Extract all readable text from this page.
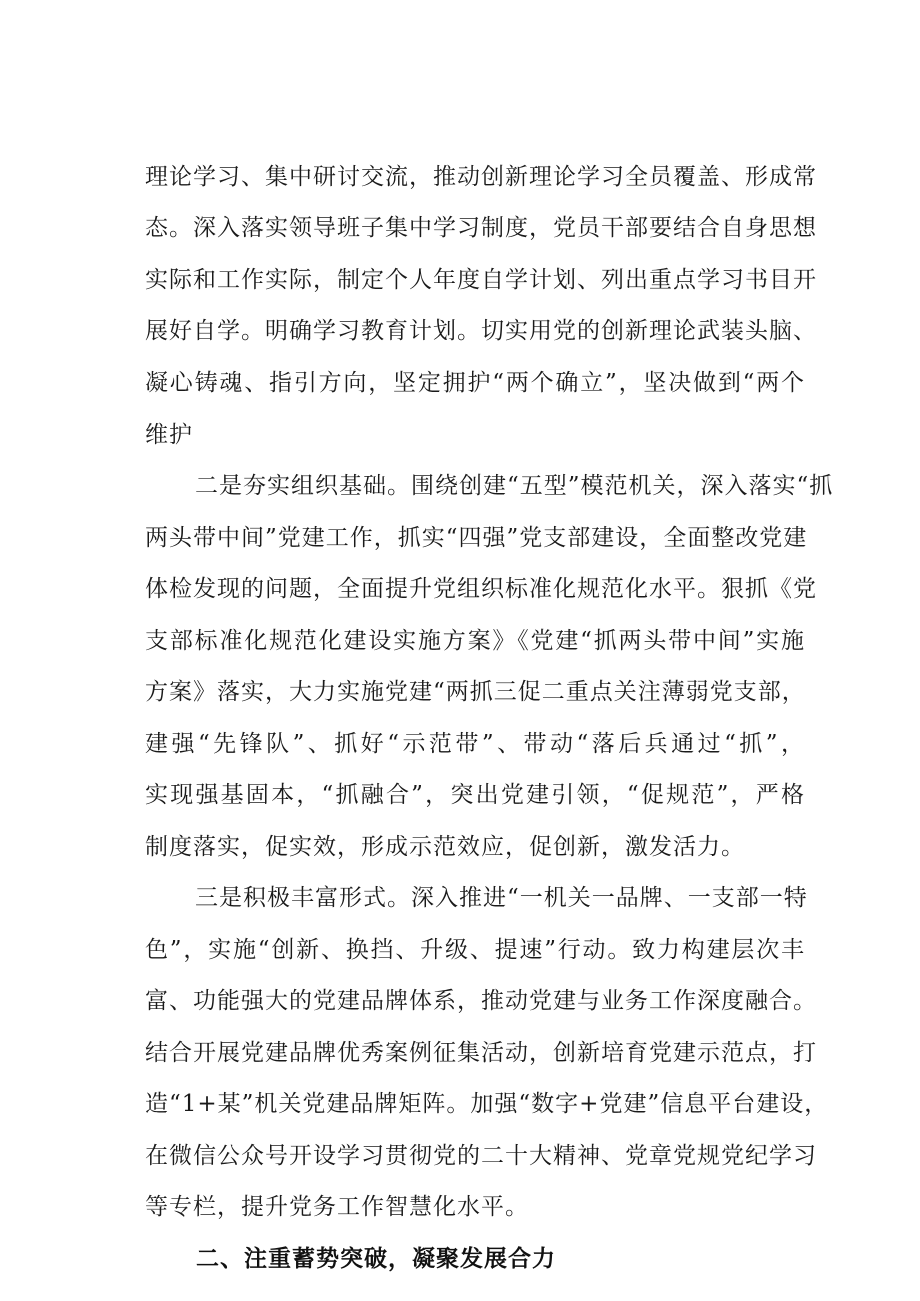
理论学习、集中研讨交流，推动创新理论学习全员覆盖、形成常
态。深入落实领导班子集中学习制度，党员干部要结合自身思想
实际和工作实际，制定个人年度自学计划、列出重点学习书目开
展好自学。明确学习教育计划。切实用党的创新理论武装头脑、
凝心铸魂、指引方向，坚定拥护“两个确立”，坚决做到“两个
维护
二是夯实组织基础。围绕创建“五型”模范机关，深入落实“抓
两头带中间”党建工作，抓实“四强”党支部建设，全面整改党建
体检发现的问题，全面提升党组织标准化规范化水平。狠抓《党
支部标准化规范化建设实施方案》《党建“抓两头带中间”实施
方案》落实，大力实施党建“两抓三促二重点关注薄弱党支部，
建强“先锋队”、抓好“示范带”、带动“落后兵通过“抓”，
实现强基固本，“抓融合”，突出党建引领，“促规范”，严格
制度落实，促实效，形成示范效应，促创新，激发活力。
三是积极丰富形式。深入推进“一机关一品牌、一支部一特
色”，实施“创新、换挡、升级、提速”行动。致力构建层次丰
富、功能强大的党建品牌体系，推动党建与业务工作深度融合。
结合开展党建品牌优秀案例征集活动，创新培育党建示范点，打
造“1+某”机关党建品牌矩阵。加强“数字+党建”信息平台建设，
在微信公众号开设学习贯彻党的二十大精神、党章党规党纪学习
等专栏，提升党务工作智慧化水平。
二、注重蓄势突破，凝聚发展合力
